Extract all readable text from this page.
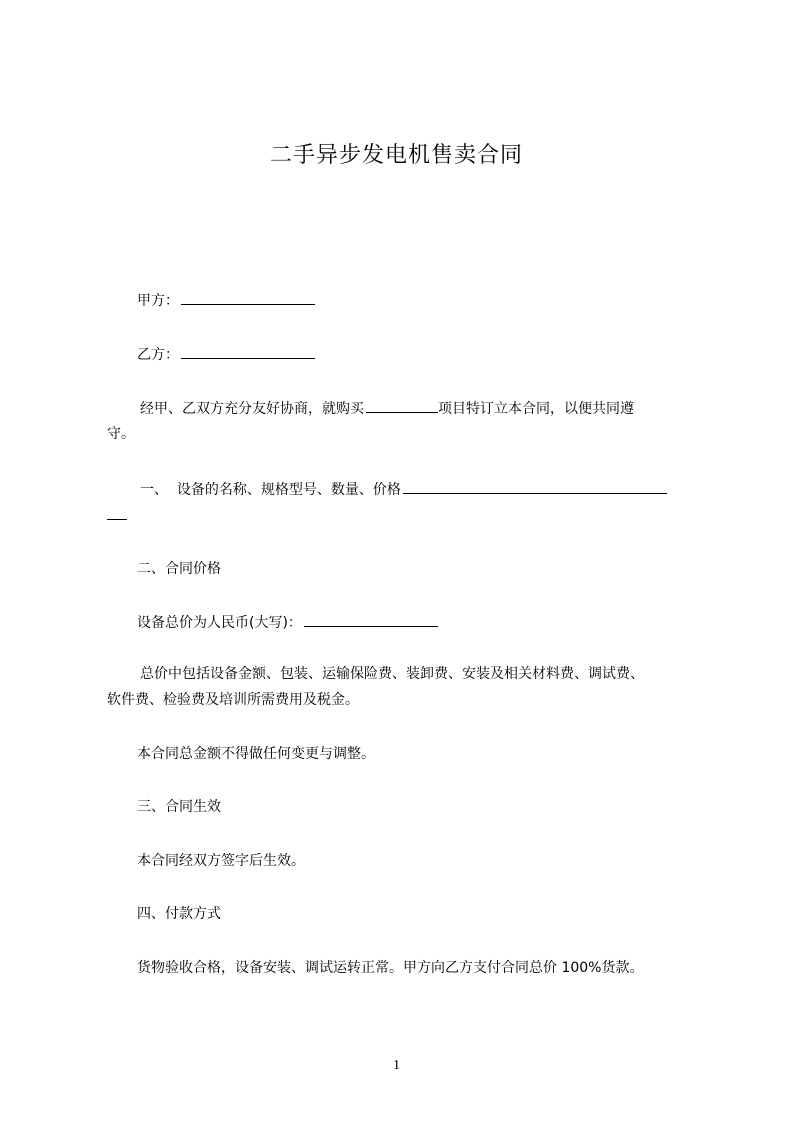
二手异步发电机售卖合同
甲方：
乙方：
经甲、乙双方充分友好协商，就购买	项目特订立本合同，以便共同遵
守。
一、  设备的名称、规格型号、数量、价格
二、合同价格
设备总价为人民币(大写)：
总价中包括设备金额、包装、运输保险费、装卸费、安装及相关材料费、调试费、
软件费、检验费及培训所需费用及税金。
本合同总金额不得做任何变更与调整。
三、合同生效
本合同经双方签字后生效。
四、付款方式
货物验收合格，设备安装、调试运转正常。甲方向乙方支付合同总价 100%货款。
1
